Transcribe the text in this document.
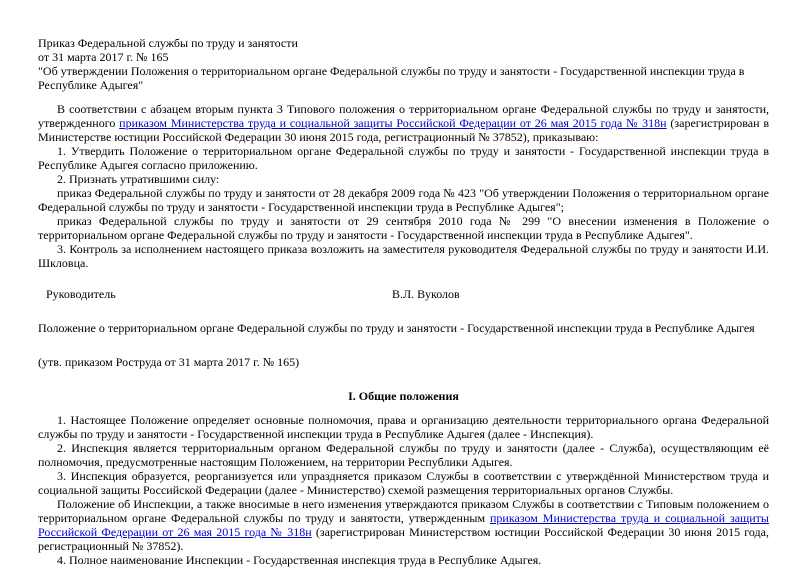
Приказ Федеральной службы по труду и занятости

от 31 марта 2017 г. № 165

"Об утверждении Положения о территориальном органе Федеральной службы по труду и занятости - Государственной инспекции труда в Республике Адыгея"

В соответствии с абзацем вторым пункта 3 Типового положения о территориальном органе Федеральной службы по труду и занятости, утвержденного приказом Министерства труда и социальной защиты Российской Федерации от 26 мая 2015 года № 318н (зарегистрирован в Министерстве юстиции Российской Федерации 30 июня 2015 года, регистрационный № 37852), приказываю:

1. Утвердить Положение о территориальном органе Федеральной службы по труду и занятости - Государственной инспекции труда в Республике Адыгея согласно приложению.

2. Признать утратившими силу:

приказ Федеральной службы по труду и занятости от 28 декабря 2009 года № 423 "Об утверждении Положения о территориальном органе Федеральной службы по труду и занятости - Государственной инспекции труда в Республике Адыгея";

приказ Федеральной службы по труду и занятости от 29 сентября 2010 года № 299 "О внесении изменения в Положение о территориальном органе Федеральной службы по труду и занятости - Государственной инспекции труда в Республике Адыгея".

3. Контроль за исполнением настоящего приказа возложить на заместителя руководителя Федеральной службы по труду и занятости И.И. Шкловца.

Руководитель	В.Л. Вуколов

Положение о территориальном органе Федеральной службы по труду и занятости - Государственной инспекции труда в Республике Адыгея

(утв. приказом Роструда от 31 марта 2017 г. № 165)

I. Общие положения

1. Настоящее Положение определяет основные полномочия, права и организацию деятельности территориального органа Федеральной службы по труду и занятости - Государственной инспекции труда в Республике Адыгея (далее - Инспекция).

2. Инспекция является территориальным органом Федеральной службы по труду и занятости (далее - Служба), осуществляющим её полномочия, предусмотренные настоящим Положением, на территории Республики Адыгея.

3. Инспекция образуется, реорганизуется или упраздняется приказом Службы в соответствии с утверждённой Министерством труда и социальной защиты Российской Федерации (далее - Министерство) схемой размещения территориальных органов Службы.

Положение об Инспекции, а также вносимые в него изменения утверждаются приказом Службы в соответствии с Типовым положением о территориальном органе Федеральной службы по труду и занятости, утвержденным приказом Министерства труда и социальной защиты Российской Федерации от 26 мая 2015 года № 318н (зарегистрирован Министерством юстиции Российской Федерации 30 июня 2015 года, регистрационный № 37852).

4. Полное наименование Инспекции - Государственная инспекция труда в Республике Адыгея.
